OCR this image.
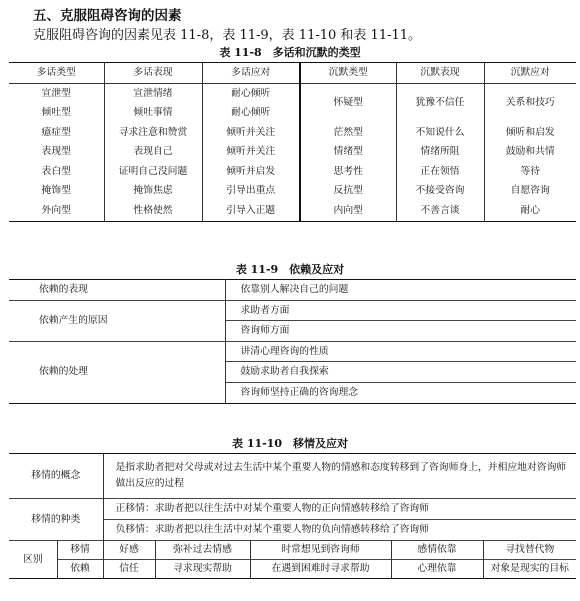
五、克服阻碍咨询的因素
克服阻碍咨询的因素见表 11-8，表 11-9，表 11-10 和表 11-11。
表 11-8　多话和沉默的类型
多话类型	多话表现	多话应对	沉默类型	沉默表现	沉默应对
宣泄型	宣泄情绪	耐心倾听	怀疑型	犹豫不信任	关系和技巧
倾吐型	倾吐事情	耐心倾听			
癔症型	寻求注意和赞赏	倾听并关注	茫然型	不知说什么	倾听和启发
表现型	表现自己	倾听并关注	情绪型	情绪所阻	鼓励和共情
表白型	证明自己没问题	倾听并启发	思考性	正在领悟	等待
掩饰型	掩饰焦虑	引导出重点	反抗型	不接受咨询	自愿咨询
外向型	性格使然	引导入正题	内向型	不善言谈	耐心
表 11-9　依赖及应对
依赖的表现	依靠别人解决自己的问题
依赖产生的原因	求助者方面
	咨询师方面
依赖的处理	讲清心理咨询的性质
	鼓励求助者自我探索
	咨询师坚持正确的咨询理念
表 11-10　移情及应对
移情的概念		是指求助者把对父母或对过去生活中某个重要人物的情感和态度转移到了咨询师身上，并相应地对咨询师做出反应的过程				
移情的种类		正移情：求助者把以往生活中对某个重要人物的正向情感转移给了咨询师				
		负移情：求助者把以往生活中对某个重要人物的负向情感转移给了咨询师				
区别	移情	好感	弥补过去情感	时常想见到咨询师	感情依靠	寻找替代物
	依赖	信任	寻求现实帮助	在遇到困难时寻求帮助	心理依靠	对象是现实的目标
